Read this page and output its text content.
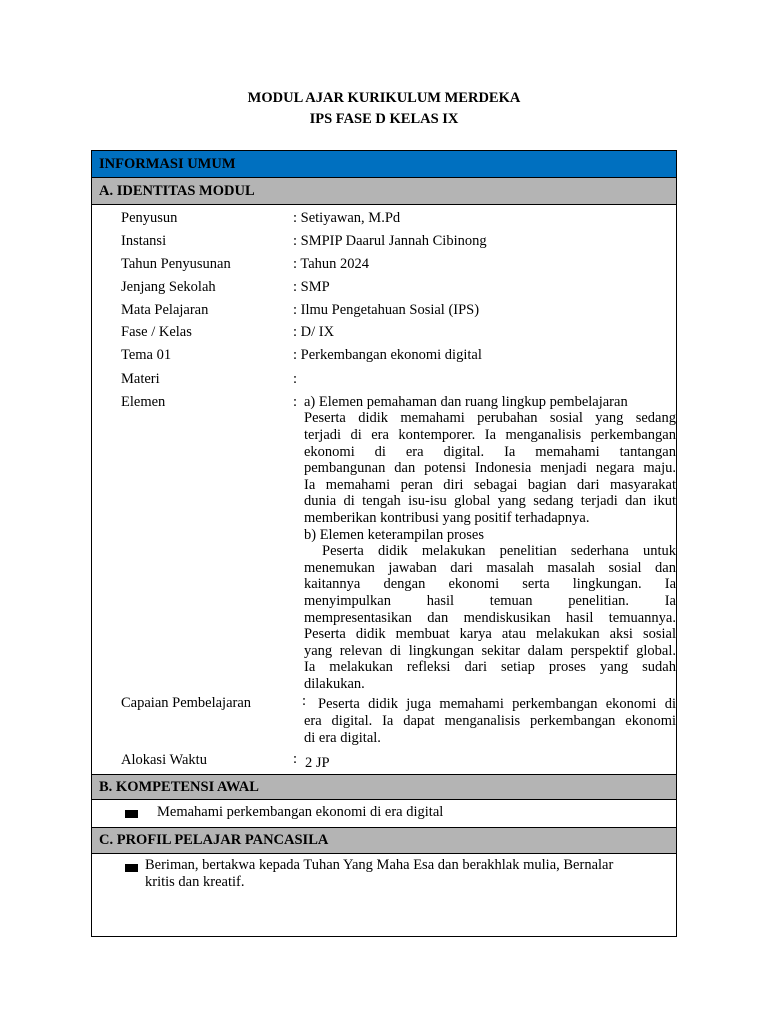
MODUL AJAR KURIKULUM MERDEKA
IPS FASE D KELAS IX
INFORMASI UMUM
A. IDENTITAS MODUL
Penyusun	: Setiyawan, M.Pd
Instansi	: SMPIP Daarul Jannah Cibinong
Tahun Penyusunan	: Tahun 2024
Jenjang Sekolah	: SMP
Mata Pelajaran	: Ilmu Pengetahuan Sosial (IPS)
Fase / Kelas	: D/ IX
Tema 01	: Perkembangan ekonomi digital
Materi	:
Elemen	: a) Elemen pemahaman dan ruang lingkup pembelajaran
Peserta didik memahami perubahan sosial yang sedang
terjadi di era kontemporer. Ia menganalisis perkembangan
ekonomi di era digital. Ia memahami tantangan
pembangunan dan potensi Indonesia menjadi negara maju.
Ia memahami peran diri sebagai bagian dari masyarakat
dunia di tengah isu-isu global yang sedang terjadi dan ikut
memberikan kontribusi yang positif terhadapnya.
b) Elemen keterampilan proses
Peserta didik melakukan penelitian sederhana untuk
menemukan jawaban dari masalah masalah sosial dan
kaitannya dengan ekonomi serta lingkungan. Ia
menyimpulkan hasil temuan penelitian. Ia
mempresentasikan dan mendiskusikan hasil temuannya.
Peserta didik membuat karya atau melakukan aksi sosial
yang relevan di lingkungan sekitar dalam perspektif global.
Ia melakukan refleksi dari setiap proses yang sudah
dilakukan.
Capaian Pembelajaran	: Peserta didik juga memahami perkembangan ekonomi di
era digital. Ia dapat menganalisis perkembangan ekonomi
di era digital.
Alokasi Waktu	: 2 JP
B. KOMPETENSI AWAL
Memahami perkembangan ekonomi di era digital
C. PROFIL PELAJAR PANCASILA
Beriman, bertakwa kepada Tuhan Yang Maha Esa dan berakhlak mulia, Bernalar
kritis dan kreatif.
